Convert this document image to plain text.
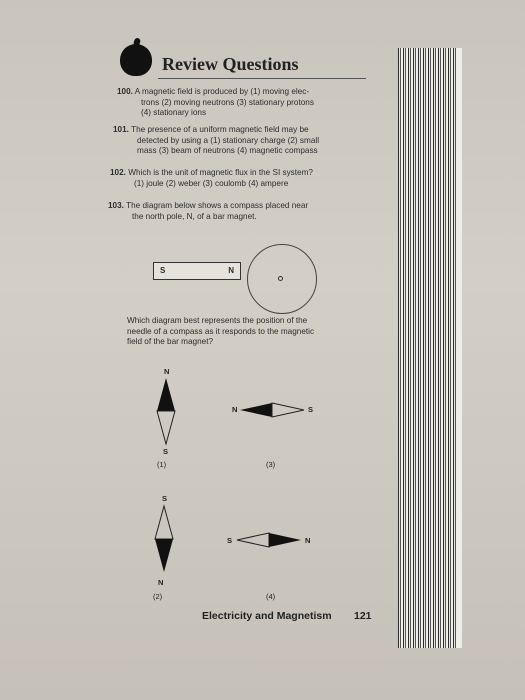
Review Questions
100. A magnetic field is produced by (1) moving elec-
trons (2) moving neutrons (3) stationary protons
(4) stationary ions
101. The presence of a uniform magnetic field may be
detected by using a (1) stationary charge (2) small
mass (3) beam of neutrons (4) magnetic compass
102. Which is the unit of magnetic flux in the SI system?
(1) joule (2) weber (3) coulomb (4) ampere
103. The diagram below shows a compass placed near
the north pole, N, of a bar magnet.
S	N
Which diagram best represents the position of the
needle of a compass as it responds to the magnetic
field of the bar magnet?
N
S
(1)
N	S
(3)
S
N
(2)
S	N
(4)
Electricity and Magnetism 121
